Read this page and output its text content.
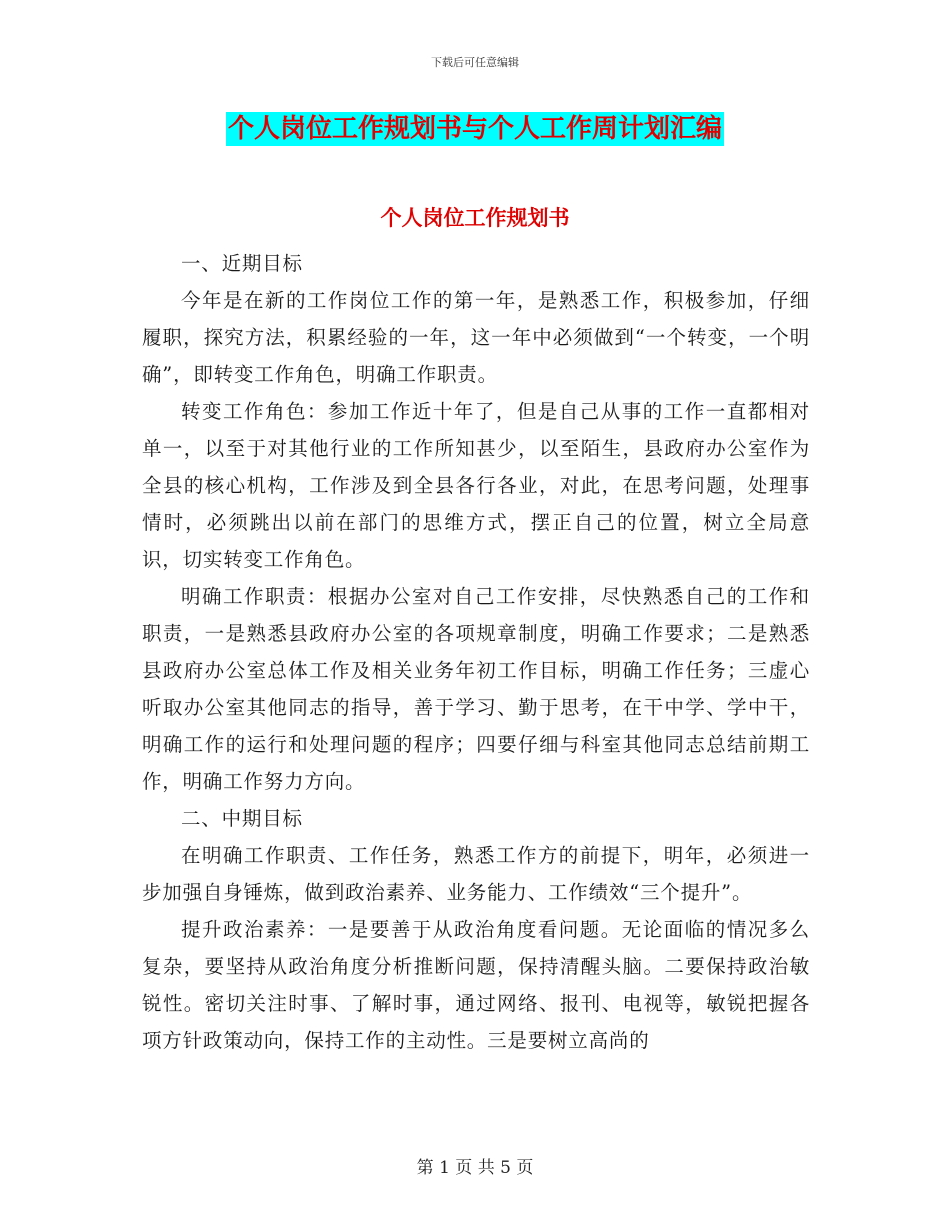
下载后可任意编辑
个人岗位工作规划书与个人工作周计划汇编
个人岗位工作规划书

一、近期目标

今年是在新的工作岗位工作的第一年，是熟悉工作，积极参加，仔细履职，探究方法，积累经验的一年，这一年中必须做到“一个转变，一个明确”，即转变工作角色，明确工作职责。

转变工作角色：参加工作近十年了，但是自己从事的工作一直都相对单一，以至于对其他行业的工作所知甚少，以至陌生，县政府办公室作为全县的核心机构，工作涉及到全县各行各业，对此，在思考问题，处理事情时，必须跳出以前在部门的思维方式，摆正自己的位置，树立全局意识，切实转变工作角色。

明确工作职责：根据办公室对自己工作安排，尽快熟悉自己的工作和职责，一是熟悉县政府办公室的各项规章制度，明确工作要求；二是熟悉县政府办公室总体工作及相关业务年初工作目标，明确工作任务；三虚心听取办公室其他同志的指导，善于学习、勤于思考，在干中学、学中干，明确工作的运行和处理问题的程序；四要仔细与科室其他同志总结前期工作，明确工作努力方向。

二、中期目标

在明确工作职责、工作任务，熟悉工作方的前提下，明年，必须进一步加强自身锤炼，做到政治素养、业务能力、工作绩效“三个提升”。

提升政治素养：一是要善于从政治角度看问题。无论面临的情况多么复杂，要坚持从政治角度分析推断问题，保持清醒头脑。二要保持政治敏锐性。密切关注时事、了解时事，通过网络、报刊、电视等，敏锐把握各项方针政策动向，保持工作的主动性。三是要树立高尚的

第 1 页 共 5 页
